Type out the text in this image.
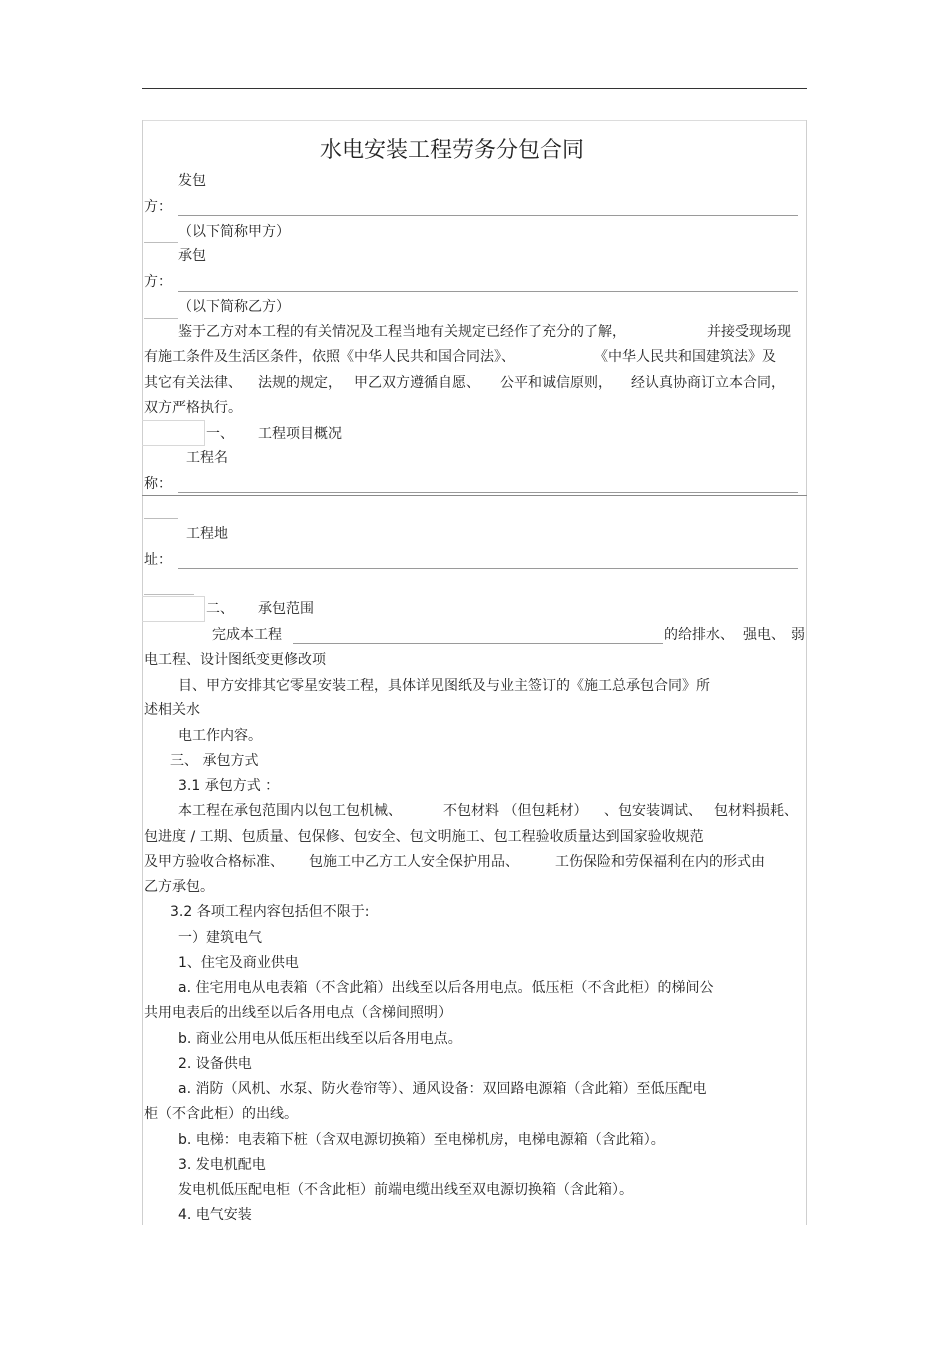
水电安装工程劳务分包合同
发包
方：
（以下简称甲方）
承包
方：
（以下简称乙方）
鉴于乙方对本工程的有关情况及工程当地有关规定已经作了充分的了解，	并接受现场现
有施工条件及生活区条件，依照《中华人民共和国合同法》、	《中华人民共和国建筑法》及
其它有关法律、 法规的规定， 甲乙双方遵循自愿、 公平和诚信原则， 经认真协商订立本合同，
双方严格执行。
一、 工程项目概况
工程名
称：
工程地
址：
二、 承包范围
完成本工程	的给排水、 强电、 弱
电工程、设计图纸变更修改项
目、甲方安排其它零星安装工程，具体详见图纸及与业主签订的《施工总承包合同》所
述相关水
电工作内容。
三、 承包方式
3.1 承包方式 ：
本工程在承包范围内以包工包机械、	不包材料 （但包耗材） 、包安装调试、 包材料损耗、
包进度 / 工期、包质量、包保修、包安全、包文明施工、包工程验收质量达到国家验收规范
及甲方验收合格标准、 包施工中乙方工人安全保护用品、	工伤保险和劳保福利在内的形式由
乙方承包。
3.2 各项工程内容包括但不限于:
一）建筑电气
1、住宅及商业供电
a. 住宅用电从电表箱（不含此箱）出线至以后各用电点。低压柜（不含此柜）的梯间公
共用电表后的出线至以后各用电点（含梯间照明）
b. 商业公用电从低压柜出线至以后各用电点。
2. 设备供电
a. 消防（风机、水泵、防火卷帘等）、通风设备：双回路电源箱（含此箱）至低压配电
柜（不含此柜）的出线。
b. 电梯：电表箱下桩（含双电源切换箱）至电梯机房，电梯电源箱（含此箱）。
3. 发电机配电
发电机低压配电柜（不含此柜）前端电缆出线至双电源切换箱（含此箱）。
4. 电气安装
